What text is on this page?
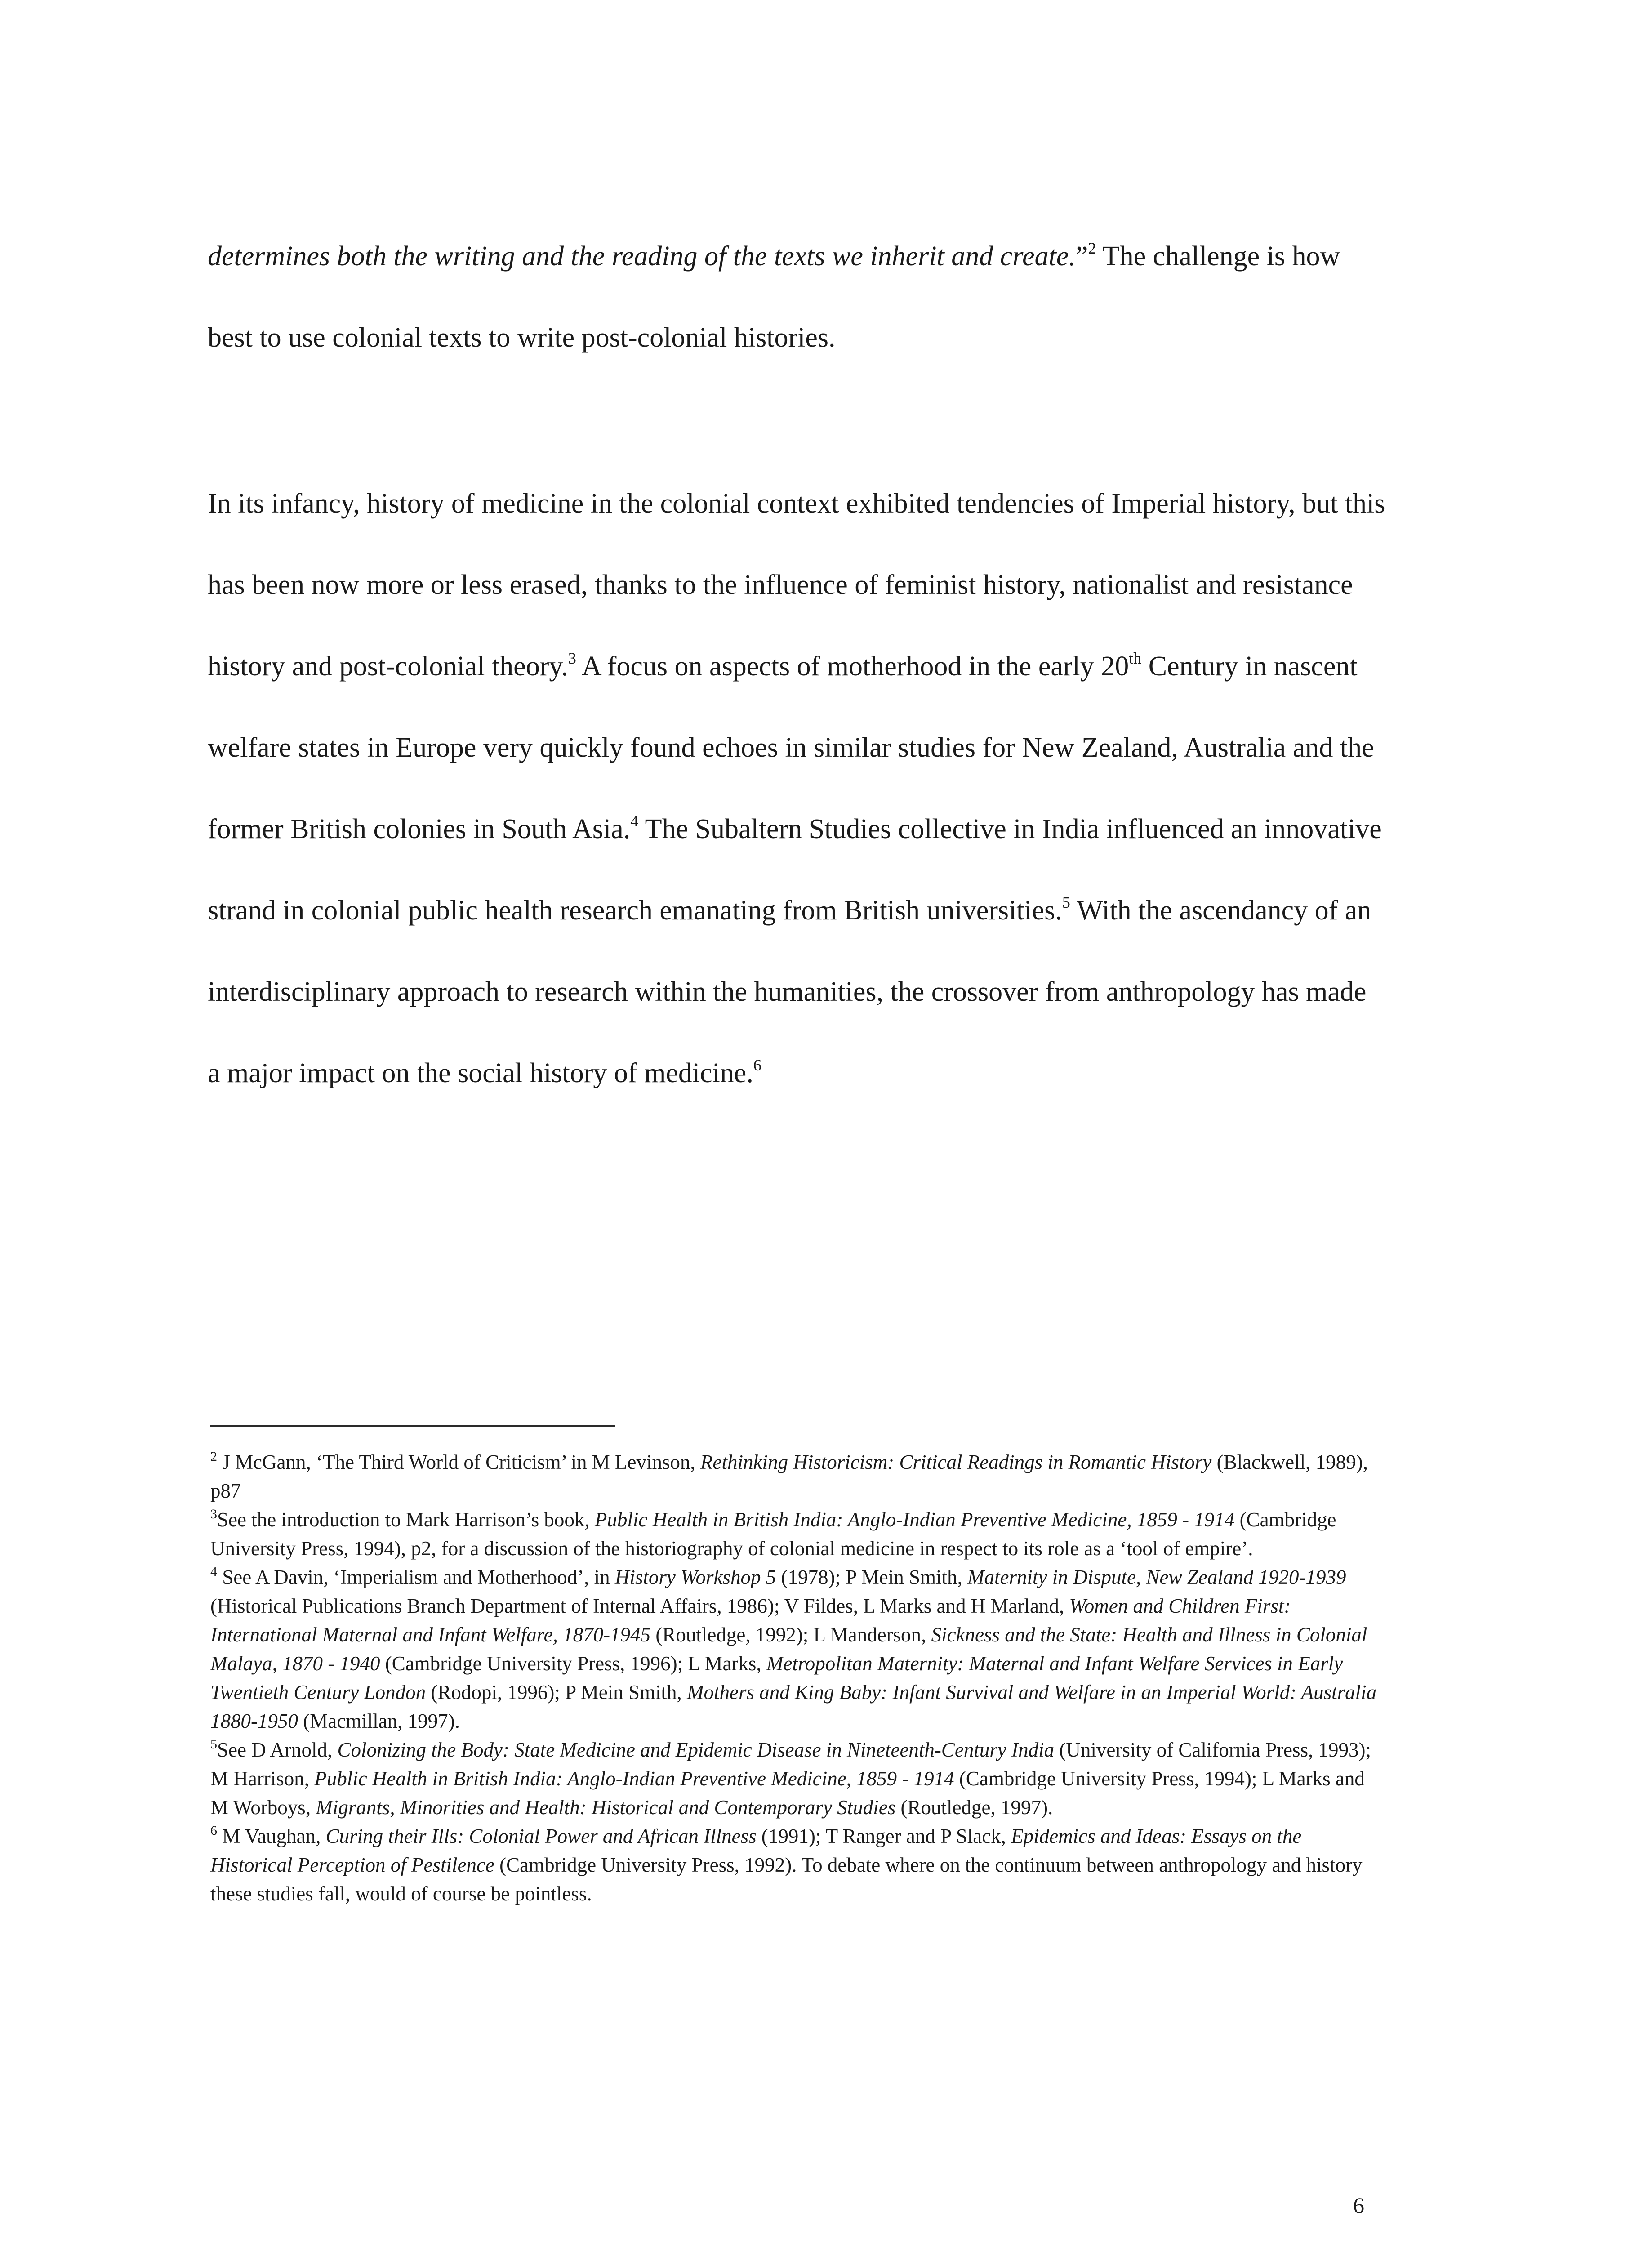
determines both the writing and the reading of the texts we inherit and create.”$^2$ The challenge is how best to use colonial texts to write post-colonial histories.

In its infancy, history of medicine in the colonial context exhibited tendencies of Imperial history, but this has been now more or less erased, thanks to the influence of feminist history, nationalist and resistance history and post-colonial theory.$^3$ A focus on aspects of motherhood in the early 20th Century in nascent welfare states in Europe very quickly found echoes in similar studies for New Zealand, Australia and the former British colonies in South Asia.$^4$ The Subaltern Studies collective in India influenced an innovative strand in colonial public health research emanating from British universities.$^5$ With the ascendancy of an interdisciplinary approach to research within the humanities, the crossover from anthropology has made a major impact on the social history of medicine.$^6$

$^2$ J McGann, ‘The Third World of Criticism’ in M Levinson, Rethinking Historicism: Critical Readings in Romantic History (Blackwell, 1989), p87

$^3$See the introduction to Mark Harrison’s book, Public Health in British India: Anglo-Indian Preventive Medicine, 1859 - 1914 (Cambridge University Press, 1994), p2, for a discussion of the historiography of colonial medicine in respect to its role as a ‘tool of empire’.

$^4$ See A Davin, ‘Imperialism and Motherhood’, in History Workshop 5 (1978); P Mein Smith, Maternity in Dispute, New Zealand 1920-1939 (Historical Publications Branch Department of Internal Affairs, 1986); V Fildes, L Marks and H Marland, Women and Children First: International Maternal and Infant Welfare, 1870-1945 (Routledge, 1992); L Manderson, Sickness and the State: Health and Illness in Colonial Malaya, 1870 - 1940 (Cambridge University Press, 1996); L Marks, Metropolitan Maternity: Maternal and Infant Welfare Services in Early Twentieth Century London (Rodopi, 1996); P Mein Smith, Mothers and King Baby: Infant Survival and Welfare in an Imperial World: Australia 1880-1950 (Macmillan, 1997).

$^5$See D Arnold, Colonizing the Body: State Medicine and Epidemic Disease in Nineteenth-Century India (University of California Press, 1993); M Harrison, Public Health in British India: Anglo-Indian Preventive Medicine, 1859 - 1914 (Cambridge University Press, 1994); L Marks and M Worboys, Migrants, Minorities and Health: Historical and Contemporary Studies (Routledge, 1997).

$^6$ M Vaughan, Curing their Ills: Colonial Power and African Illness (1991); T Ranger and P Slack, Epidemics and Ideas: Essays on the Historical Perception of Pestilence (Cambridge University Press, 1992). To debate where on the continuum between anthropology and history these studies fall, would of course be pointless.

6
